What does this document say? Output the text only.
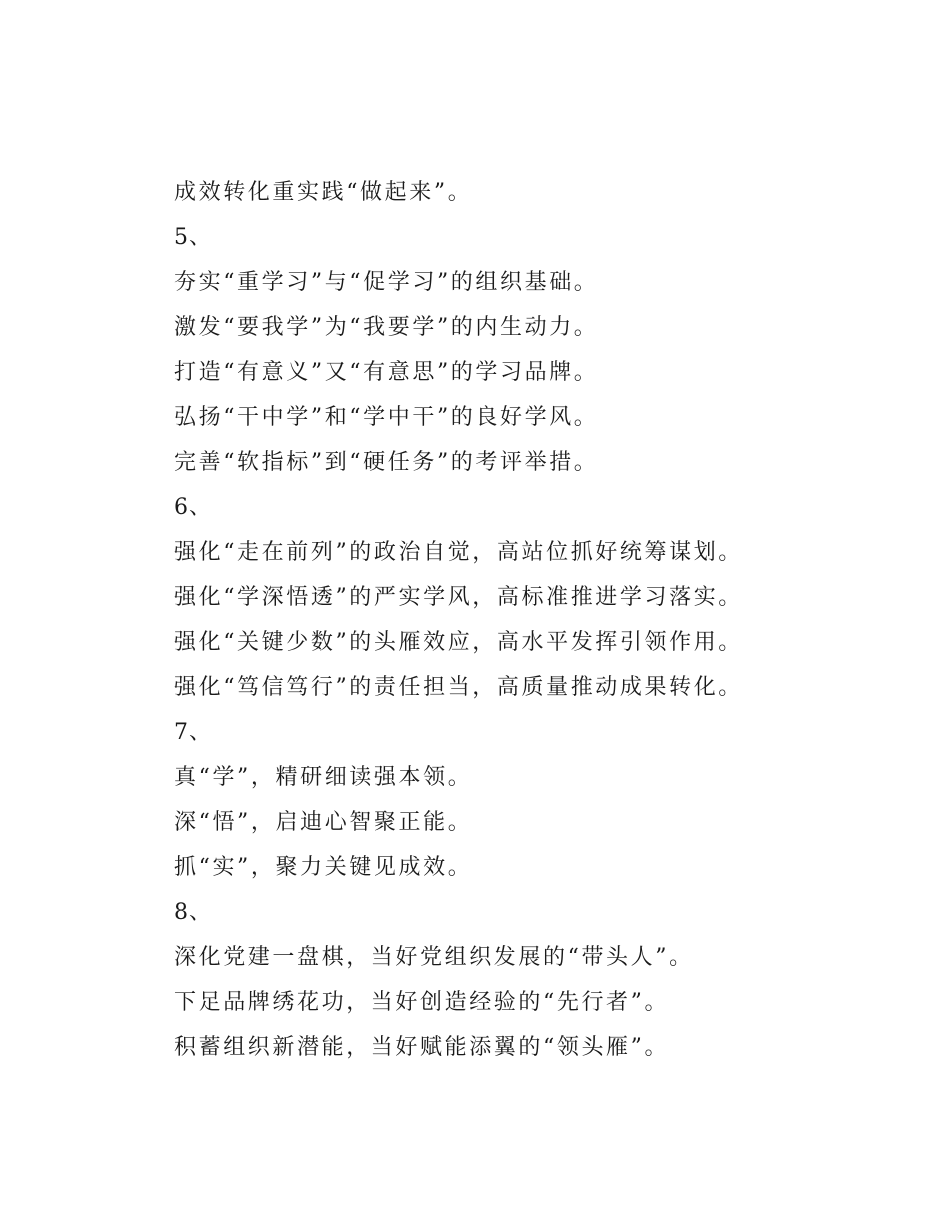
成效转化重实践“做起来”。
5、
夯实“重学习”与“促学习”的组织基础。
激发“要我学”为“我要学”的内生动力。
打造“有意义”又“有意思”的学习品牌。
弘扬“干中学”和“学中干”的良好学风。
完善“软指标”到“硬任务”的考评举措。
6、
强化“走在前列”的政治自觉，高站位抓好统筹谋划。
强化“学深悟透”的严实学风，高标准推进学习落实。
强化“关键少数”的头雁效应，高水平发挥引领作用。
强化“笃信笃行”的责任担当，高质量推动成果转化。
7、
真“学”，精研细读强本领。
深“悟”，启迪心智聚正能。
抓“实”，聚力关键见成效。
8、
深化党建一盘棋，当好党组织发展的“带头人”。
下足品牌绣花功，当好创造经验的“先行者”。
积蓄组织新潜能，当好赋能添翼的“领头雁”。
